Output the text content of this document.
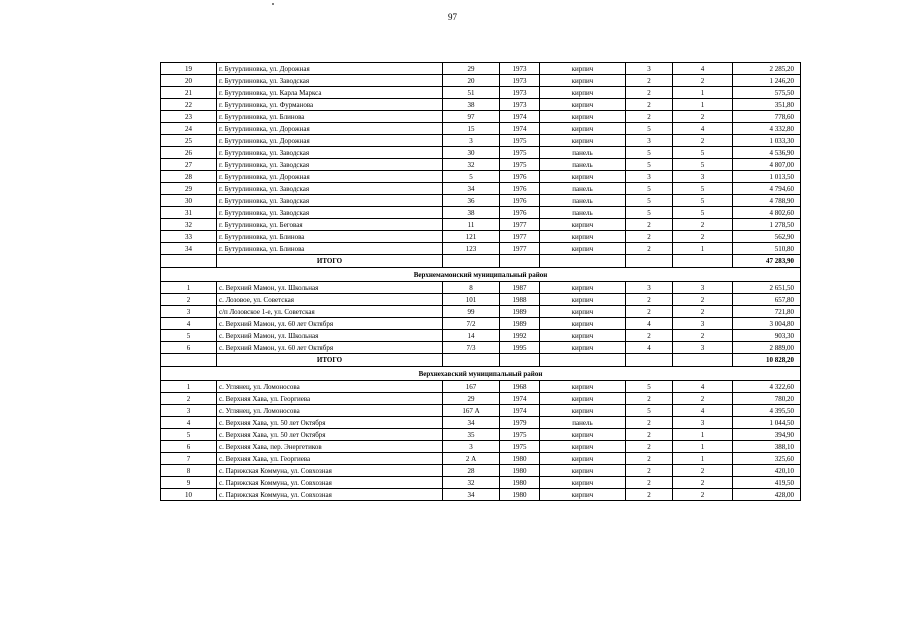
97
19	г. Бутурлиновка, ул. Дорожная	29	1973	кирпич	3	4	2 285,20
20	г. Бутурлиновка, ул. Заводская	20	1973	кирпич	2	2	1 246,20
21	г. Бутурлиновка, ул. Карла Маркса	51	1973	кирпич	2	1	575,50
22	г. Бутурлиновка, ул. Фурманова	38	1973	кирпич	2	1	351,80
23	г. Бутурлиновка, ул. Блинова	97	1974	кирпич	2	2	778,60
24	г. Бутурлиновка, ул. Дорожная	15	1974	кирпич	5	4	4 332,80
25	г. Бутурлиновка, ул. Дорожная	3	1975	кирпич	3	2	1 033,30
26	г. Бутурлиновка, ул. Заводская	30	1975	панель	5	5	4 536,90
27	г. Бутурлиновка, ул. Заводская	32	1975	панель	5	5	4 807,00
28	г. Бутурлиновка, ул. Дорожная	5	1976	кирпич	3	3	1 013,50
29	г. Бутурлиновка, ул. Заводская	34	1976	панель	5	5	4 794,60
30	г. Бутурлиновка, ул. Заводская	36	1976	панель	5	5	4 788,90
31	г. Бутурлиновка, ул. Заводская	38	1976	панель	5	5	4 802,60
32	г. Бутурлиновка, ул. Беговая	11	1977	кирпич	2	2	1 278,50
33	г. Бутурлиновка, ул. Блинова	121	1977	кирпич	2	2	562,90
34	г. Бутурлиновка, ул. Блинова	123	1977	кирпич	2	1	510,80
	ИТОГО						47 283,90
Верхнемамонский муниципальный район							
1	с. Верхний Мамон, ул. Школьная	8	1987	кирпич	3	3	2 651,50
2	с. Лозовое, ул. Советская	101	1988	кирпич	2	2	657,80
3	с/п Лозовское 1-е, ул. Советская	99	1989	кирпич	2	2	721,80
4	с. Верхний Мамон, ул. 60 лет Октября	7/2	1989	кирпич	4	3	3 004,80
5	с. Верхний Мамон, ул. Школьная	14	1992	кирпич	2	2	903,30
6	с. Верхний Мамон, ул. 60 лет Октября	7/3	1995	кирпич	4	3	2 889,00
	ИТОГО						10 828,20
Верхнехавский муниципальный район							
1	с. Углянец, ул. Ломоносова	167	1968	кирпич	5	4	4 322,60
2	с. Верхняя Хава, ул. Георгиева	29	1974	кирпич	2	2	780,20
3	с. Углянец, ул. Ломоносова	167 А	1974	кирпич	5	4	4 395,50
4	с. Верхняя Хава, ул. 50 лет Октября	34	1979	панель	2	3	1 044,50
5	с. Верхняя Хава, ул. 50 лет Октября	35	1975	кирпич	2	1	394,90
6	с. Верхняя Хава, пер. Энергетиков	3	1975	кирпич	2	1	388,10
7	с. Верхняя Хава, ул. Георгиева	2 А	1980	кирпич	2	1	325,60
8	с. Парижская Коммуна, ул. Совхозная	28	1980	кирпич	2	2	420,10
9	с. Парижская Коммуна, ул. Совхозная	32	1980	кирпич	2	2	419,50
10	с. Парижская Коммуна, ул. Совхозная	34	1980	кирпич	2	2	428,00
